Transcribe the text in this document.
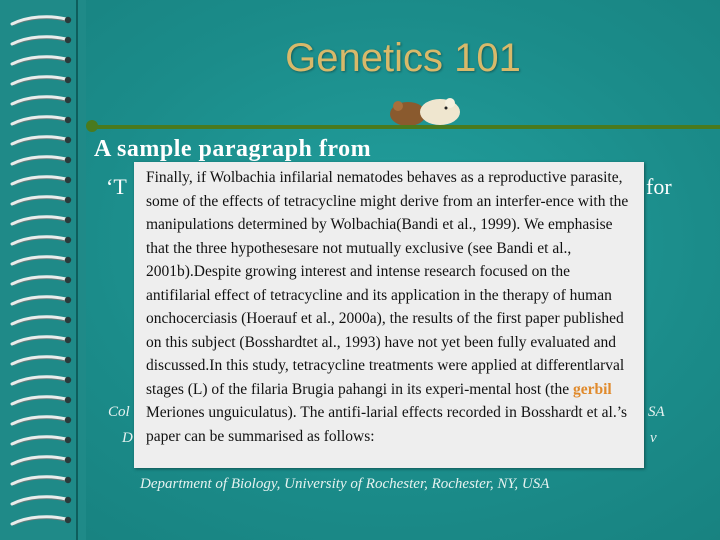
Genetics 101
A sample paragraph from
‘T	for
Col	SA
D	v
Department of Biology, University of Rochester, Rochester, NY, USA

Finally, if Wolbachia infilarial nematodes behaves as a reproductive parasite, some of the effects of tetracycline might derive from an interfer-ence with the manipulations determined by Wolbachia(Bandi et al., 1999). We emphasise that the three hypothesesare not mutually exclusive (see Bandi et al., 2001b).Despite growing interest and intense research focused on the antifilarial effect of tetracycline and its application in the therapy of human onchocerciasis (Hoerauf et al., 2000a), the results of the first paper published on this subject (Bosshardtet al., 1993) have not yet been fully evaluated and discussed.In this study, tetracycline treatments were applied at differentlarval stages (L) of the filaria Brugia pahangi in its experi-mental host (the gerbil Meriones unguiculatus). The antifi-larial effects recorded in Bosshardt et al.’s paper can be summarised as follows:
